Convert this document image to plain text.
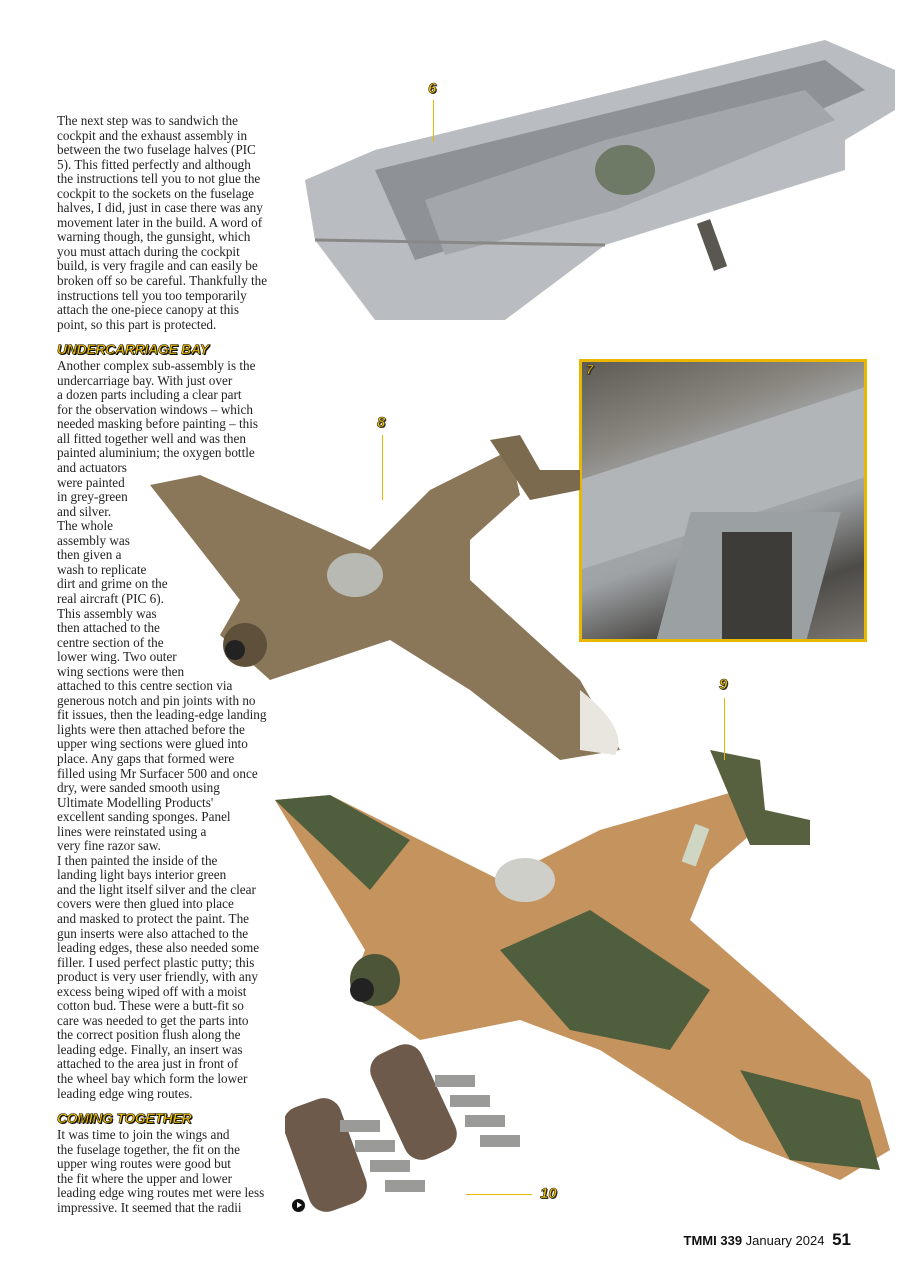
The next step was to sandwich the
cockpit and the exhaust assembly in
between the two fuselage halves (PIC
5). This fitted perfectly and although
the instructions tell you to not glue the
cockpit to the sockets on the fuselage
halves, I did, just in case there was any
movement later in the build. A word of
warning though, the gunsight, which
you must attach during the cockpit
build, is very fragile and can easily be
broken off so be careful. Thankfully the
instructions tell you too temporarily
attach the one-piece canopy at this
point, so this part is protected.
UNDERCARRIAGE BAY
Another complex sub-assembly is the
undercarriage bay. With just over
a dozen parts including a clear part
for the observation windows – which
needed masking before painting – this
all fitted together well and was then
painted aluminium; the oxygen bottle
and actuators
were painted
in grey-green
and silver.
The whole
assembly was
then given a
wash to replicate
dirt and grime on the
real aircraft (PIC 6).
This assembly was
then attached to the
centre section of the
lower wing. Two outer
wing sections were then
attached to this centre section via
generous notch and pin joints with no
fit issues, then the leading-edge landing
lights were then attached before the
upper wing sections were glued into
place. Any gaps that formed were
filled using Mr Surfacer 500 and once
dry, were sanded smooth using
Ultimate Modelling Products'
excellent sanding sponges. Panel
lines were reinstated using a
very fine razor saw.
I then painted the inside of the
landing light bays interior green
and the light itself silver and the clear
covers were then glued into place
and masked to protect the paint. The
gun inserts were also attached to the
leading edges, these also needed some
filler. I used perfect plastic putty; this
product is very user friendly, with any
excess being wiped off with a moist
cotton bud. These were a butt-fit so
care was needed to get the parts into
the correct position flush along the
leading edge. Finally, an insert was
attached to the area just in front of
the wheel bay which form the lower
leading edge wing routes.
COMING TOGETHER
It was time to join the wings and
the fuselage together, the fit on the
upper wing routes were good but
the fit where the upper and lower
leading edge wing routes met were less
impressive. It seemed that the radii
6
7
8
9
10
TMMI 339 January 2024 51
